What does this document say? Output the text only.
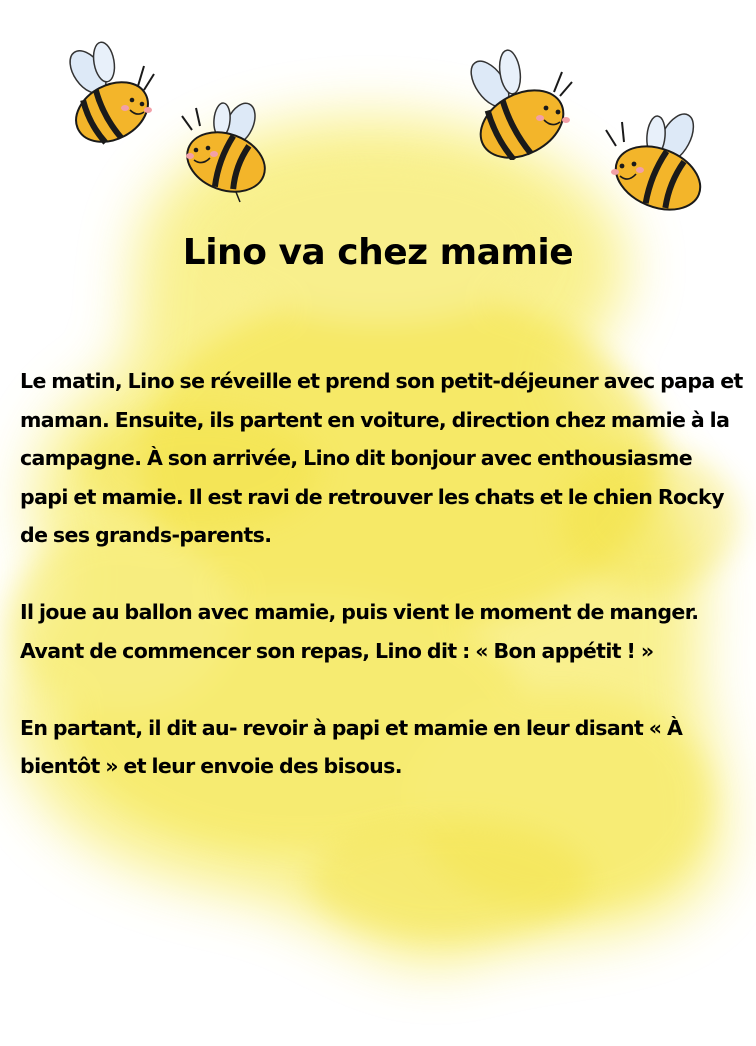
Lino va chez mamie

Le matin, Lino se réveille et prend son petit-déjeuner avec papa et maman. Ensuite, ils partent en voiture, direction chez mamie à la campagne. À son arrivée, Lino dit bonjour avec enthousiasme papi et mamie. Il est ravi de retrouver les chats et le chien Rocky de ses grands-parents.

Il joue au ballon avec mamie, puis vient le moment de manger. Avant de commencer son repas, Lino dit : « Bon appétit ! »

En partant, il dit au- revoir à papi et mamie en leur disant « À bientôt » et leur envoie des bisous.
